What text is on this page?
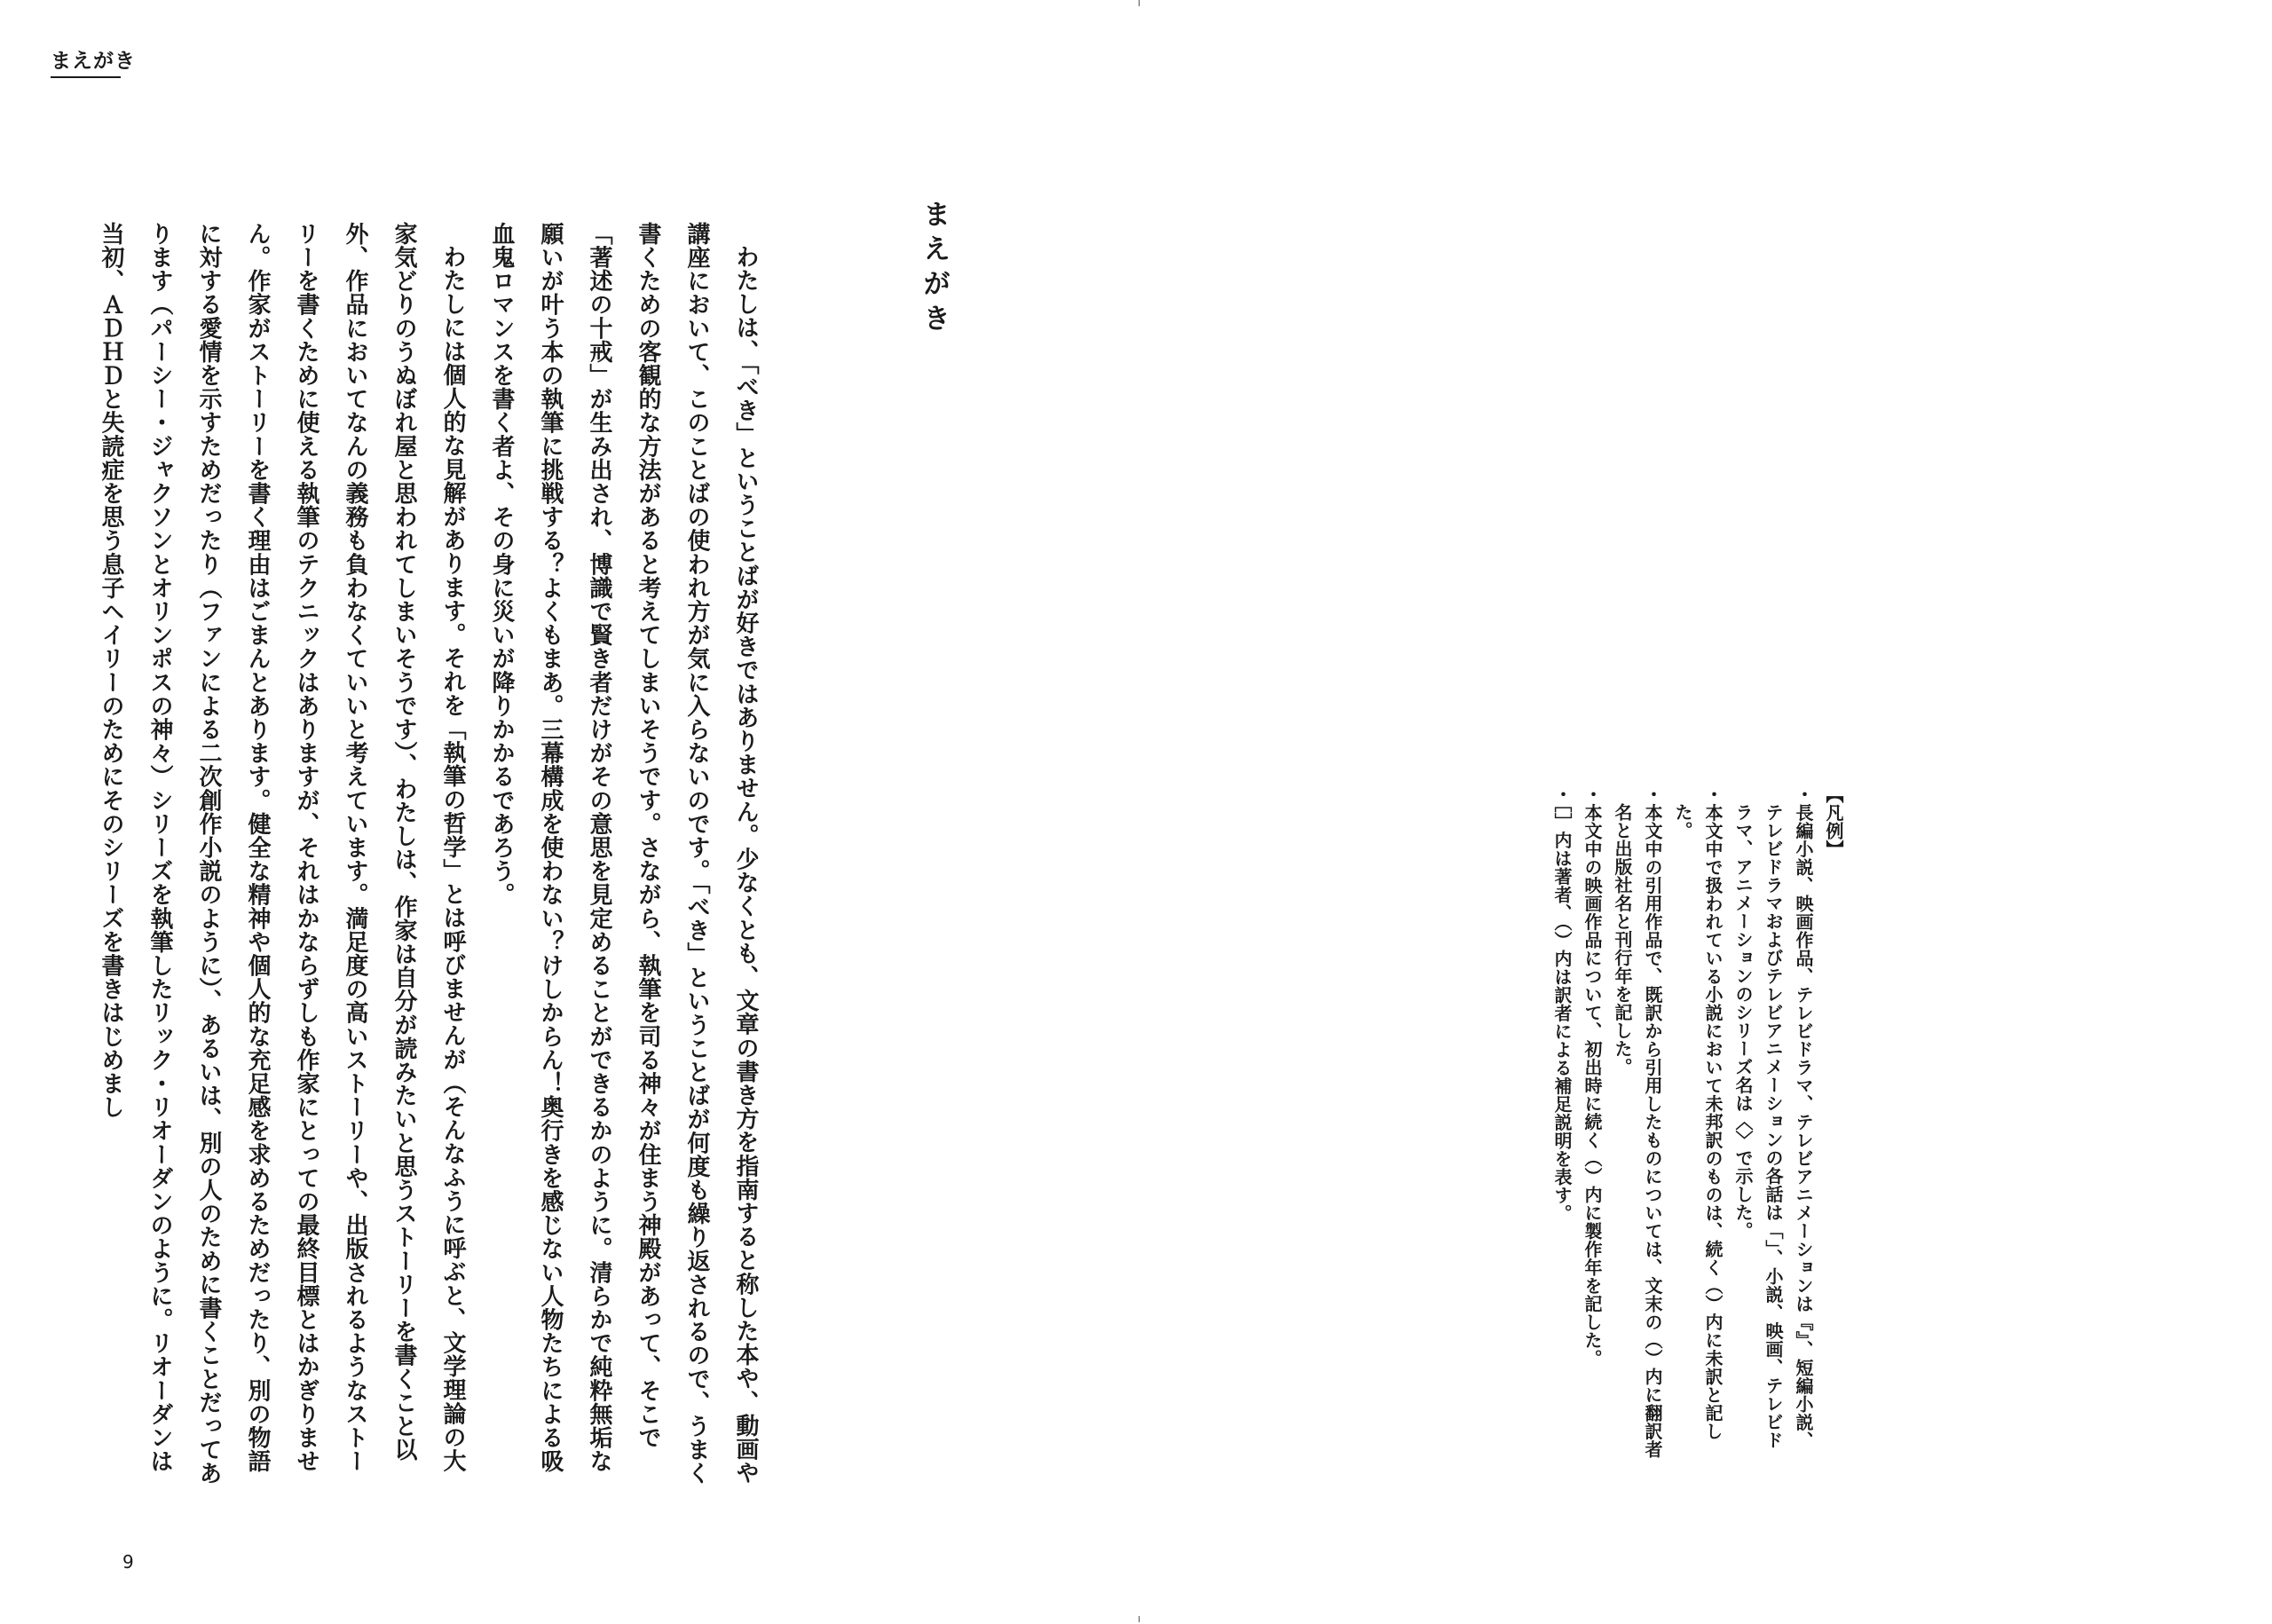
まえがき
9
まえがき

わたしは、「べき」ということばが好きではありません。少なくとも、文章の書き方を指南すると称した本や、動画や講座において、このことばの使われ方が気に入らないのです。「べき」ということばが何度も繰り返されるので、うまく書くための客観的な方法があると考えてしまいそうです。さながら、執筆を司る神々が住まう神殿があって、そこで「著述の十戒」が生み出され、博識で賢き者だけがその意思を見定めることができるかのように。清らかで純粋無垢な願いが叶う本の執筆に挑戦する？よくもまあ。三幕構成を使わない？けしからん！奥行きを感じない人物たちによる吸血鬼ロマンスを書く者よ、その身に災いが降りかかるであろう。

わたしには個人的な見解があります。それを「執筆の哲学」とは呼びませんが（そんなふうに呼ぶと、文学理論の大家気どりのうぬぼれ屋と思われてしまいそうです）、わたしは、作家は自分が読みたいと思うストーリーを書くこと以外、作品においてなんの義務も負わなくていいと考えています。満足度の高いストーリーや、出版されるようなストーリーを書くために使える執筆のテクニックはありますが、それはかならずしも作家にとっての最終目標とはかぎりません。作家がストーリーを書く理由はごまんとあります。健全な精神や個人的な充足感を求めるためだったり、別の物語に対する愛情を示すためだったり（ファンによる二次創作小説のように）、あるいは、別の人のために書くことだってあります（パーシー・ジャクソンとオリンポスの神々）シリーズを執筆したリック・リオーダンのように。リオーダンは当初、ＡＤＨＤと失読症を思う息子ヘイリーのためにそのシリーズを書きはじめまし	【凡例】
・ 長編小説、映画作品、テレビドラマ、テレビアニメーションは『』、短編小説、テレビドラマおよびテレビアニメーションの各話は「」、小説、映画、テレビドラマ、アニメーションのシリーズ名は〈〉で示した。
・ 本文中で扱われている小説において未邦訳のものは、続く（）内に未訳と記した。
・ 本文中の引用作品で、既訳から引用したものについては、文末の（）内に翻訳者名と出版社名と刊行年を記した。
・ 本文中の映画作品について、初出時に続く（）内に製作年を記した。
・ ［］内は著者、（）内は訳者による補足説明を表す。
